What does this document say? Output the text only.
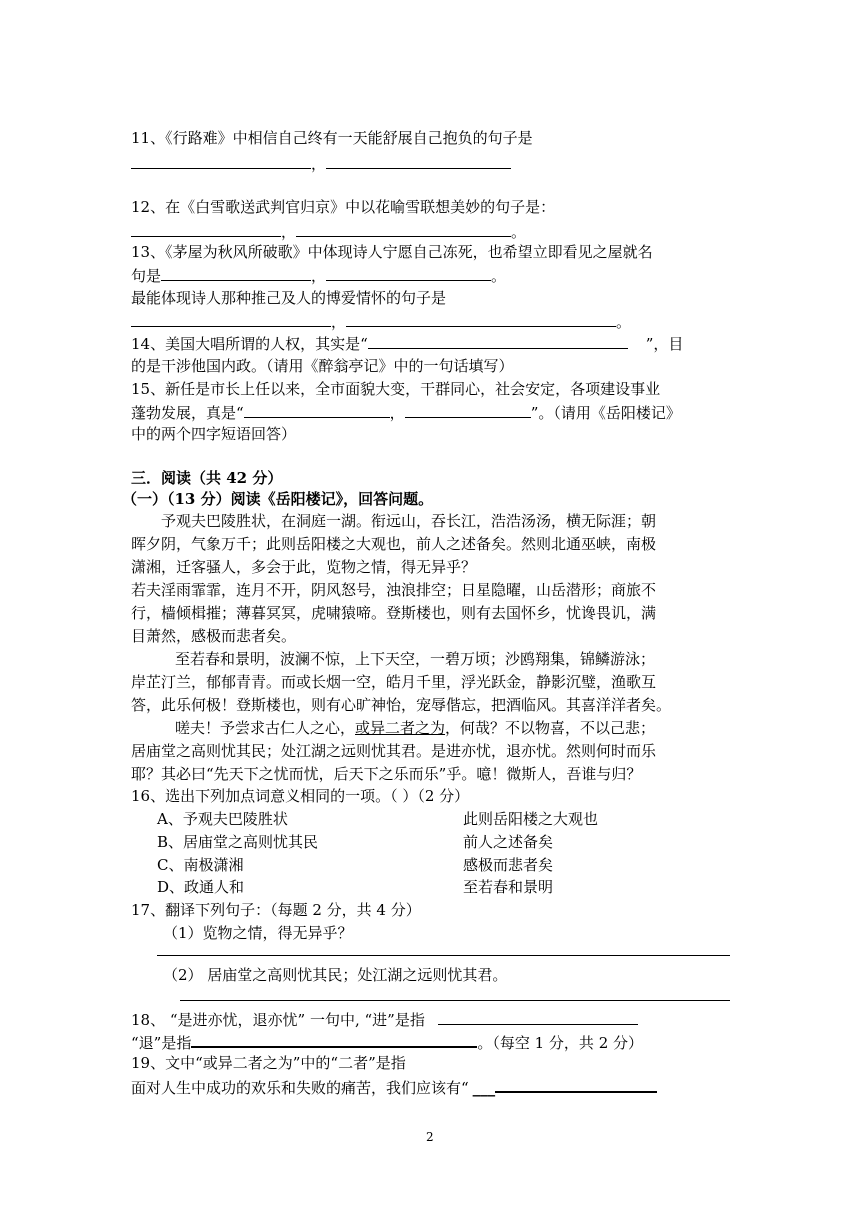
11、《行路难》中相信自己终有一天能舒展自己抱负的句子是
，
12、在《白雪歌送武判官归京》中以花喻雪联想美妙的句子是：
，	。
13、《茅屋为秋风所破歌》中体现诗人宁愿自己冻死，也希望立即看见之屋就名
句是	，	。
最能体现诗人那种推己及人的博爱情怀的句子是
，	。
14、美国大唱所谓的人权，其实是“	”，目
的是干涉他国内政。（请用《醉翁亭记》中的一句话填写）
15、新任是市长上任以来，全市面貌大变，干群同心，社会安定，各项建设事业
蓬勃发展，真是“	，	”。（请用《岳阳楼记》
中的两个四字短语回答）
三．阅读（共 42 分）
（一）（13 分）阅读《岳阳楼记》，回答问题。
予观夫巴陵胜状，在洞庭一湖。衔远山，吞长江，浩浩汤汤，横无际涯；朝
晖夕阴，气象万千；此则岳阳楼之大观也，前人之述备矣。然则北通巫峡，南极
潇湘，迁客骚人，多会于此，览物之情，得无异乎？
若夫淫雨霏霏，连月不开，阴风怒号，浊浪排空；日星隐曜，山岳潜形；商旅不
行，樯倾楫摧；薄暮冥冥，虎啸猿啼。登斯楼也，则有去国怀乡，忧谗畏讥，满
目萧然，感极而悲者矣。
至若春和景明，波澜不惊，上下天空，一碧万顷；沙鸥翔集，锦鳞游泳；
岸芷汀兰，郁郁青青。而或长烟一空，皓月千里，浮光跃金，静影沉璧，渔歌互
答，此乐何极！登斯楼也，则有心旷神怡，宠辱偕忘，把酒临风。其喜洋洋者矣。
嗟夫！予尝求古仁人之心，或异二者之为，何哉？不以物喜，不以己悲；
居庙堂之高则忧其民；处江湖之远则忧其君。是进亦忧，退亦忧。然则何时而乐
耶？其必曰“先天下之忧而忧，后天下之乐而乐”乎。噫！微斯人，吾谁与归？
16、选出下列加点词意义相同的一项。（ ）（2 分）
A、予观夫巴陵胜状	此则岳阳楼之大观也
B、居庙堂之高则忧其民	前人之述备矣
C、南极潇湘	感极而悲者矣
D、政通人和	至若春和景明
17、翻译下列句子：（每题 2 分，共 4 分）
（1）览物之情，得无异乎？
（2） 居庙堂之高则忧其民；处江湖之远则忧其君。
18、 “是进亦忧，退亦忧” 一句中, “进”是指
“退”是指	。（每空 1 分，共 2 分）
19、文中“或异二者之为”中的“二者”是指
面对人生中成功的欢乐和失败的痛苦，我们应该有“ ___
2
